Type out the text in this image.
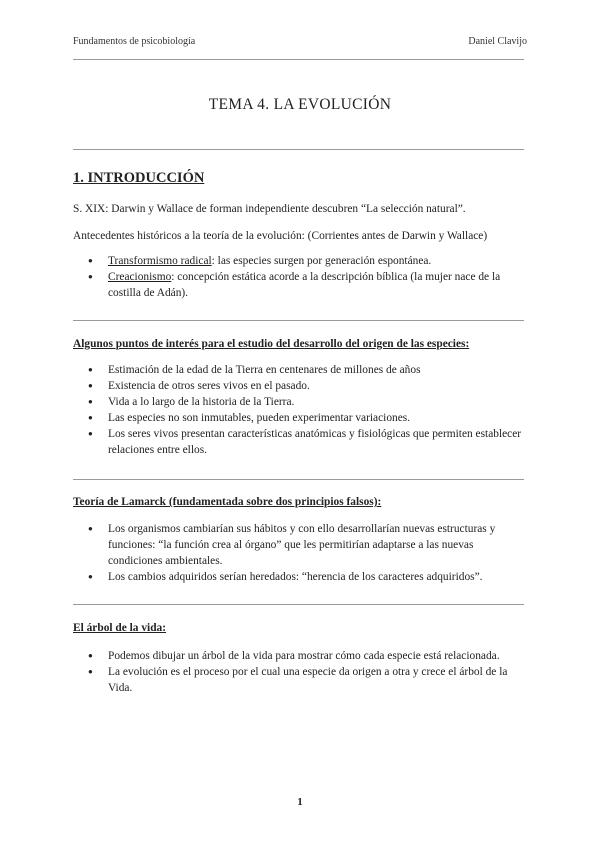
Fundamentos de psicobiología	Daniel Clavijo
TEMA 4. LA EVOLUCIÓN
1. INTRODUCCIÓN
S. XIX: Darwin y Wallace de forman independiente descubren “La selección natural”.
Antecedentes históricos a la teoría de la evolución: (Corrientes antes de Darwin y Wallace)
● Transformismo radical: las especies surgen por generación espontánea.
● Creacionismo: concepción estática acorde a la descripción bíblica (la mujer nace de la costilla de Adán).
Algunos puntos de interés para el estudio del desarrollo del origen de las especies:
● Estimación de la edad de la Tierra en centenares de millones de años
● Existencia de otros seres vivos en el pasado.
● Vida a lo largo de la historia de la Tierra.
● Las especies no son inmutables, pueden experimentar variaciones.
● Los seres vivos presentan características anatómicas y fisiológicas que permiten establecer relaciones entre ellos.
Teoría de Lamarck (fundamentada sobre dos principios falsos):
● Los organismos cambiarían sus hábitos y con ello desarrollarían nuevas estructuras y funciones: “la función crea al órgano” que les permitirían adaptarse a las nuevas condiciones ambientales.
● Los cambios adquiridos serían heredados: “herencia de los caracteres adquiridos”.
El árbol de la vida:
● Podemos dibujar un árbol de la vida para mostrar cómo cada especie está relacionada.
● La evolución es el proceso por el cual una especie da origen a otra y crece el árbol de la Vida.
1
